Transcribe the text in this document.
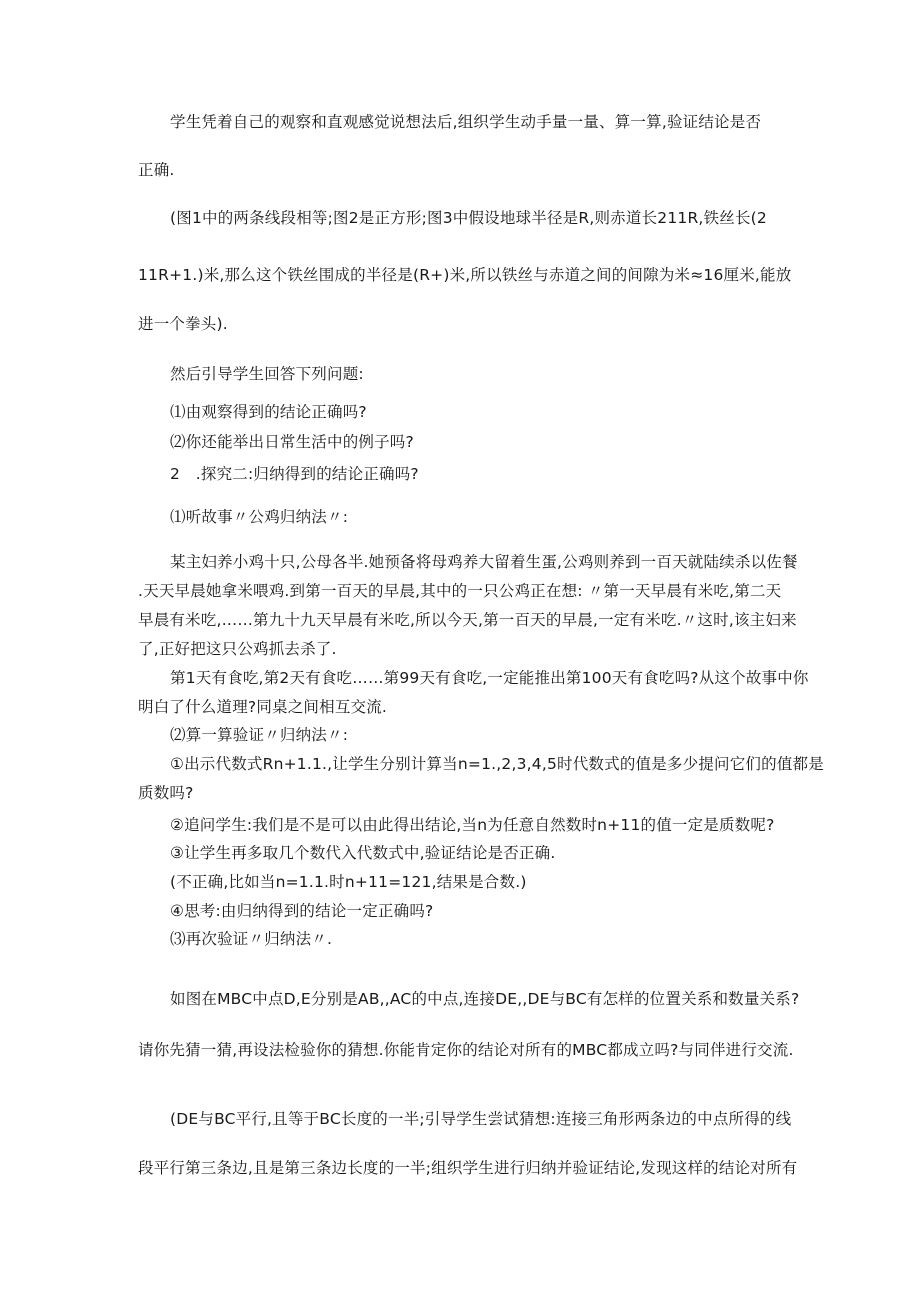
学生凭着自己的观察和直观感觉说想法后,组织学生动手量一量、算一算,验证结论是否
正确.
(图1中的两条线段相等;图2是正方形;图3中假设地球半径是R,则赤道长211R,铁丝长(2
11R+1.)米,那么这个铁丝围成的半径是(R+)米,所以铁丝与赤道之间的间隙为米≈16厘米,能放
进一个拳头).
然后引导学生回答下列问题:
⑴由观察得到的结论正确吗?
⑵你还能举出日常生活中的例子吗?
2　.探究二:归纳得到的结论正确吗?
⑴听故事〃公鸡归纳法〃:
某主妇养小鸡十只,公母各半.她预备将母鸡养大留着生蛋,公鸡则养到一百天就陆续杀以佐餐
.天天早晨她拿米喂鸡.到第一百天的早晨,其中的一只公鸡正在想: 〃第一天早晨有米吃,第二天
早晨有米吃,……第九十九天早晨有米吃,所以今天,第一百天的早晨,一定有米吃.〃这时,该主妇来
了,正好把这只公鸡抓去杀了.
第1天有食吃,第2天有食吃……第99天有食吃,一定能推出第100天有食吃吗?从这个故事中你
明白了什么道理?同桌之间相互交流.
⑵算一算验证〃归纳法〃:
①出示代数式Rn+1.1.,让学生分别计算当n=1.,2,3,4,5时代数式的值是多少提问它们的值都是
质数吗?
②追问学生:我们是不是可以由此得出结论,当n为任意自然数时n+11的值一定是质数呢?
③让学生再多取几个数代入代数式中,验证结论是否正确.
(不正确,比如当n=1.1.时n+11=121,结果是合数.)
④思考:由归纳得到的结论一定正确吗?
⑶再次验证〃归纳法〃.
如图在MBC中点D,E分别是AB,,AC的中点,连接DE,,DE与BC有怎样的位置关系和数量关系?
请你先猜一猜,再设法检验你的猜想.你能肯定你的结论对所有的MBC都成立吗?与同伴进行交流.
(DE与BC平行,且等于BC长度的一半;引导学生尝试猜想:连接三角形两条边的中点所得的线
段平行第三条边,且是第三条边长度的一半;组织学生进行归纳并验证结论,发现这样的结论对所有
